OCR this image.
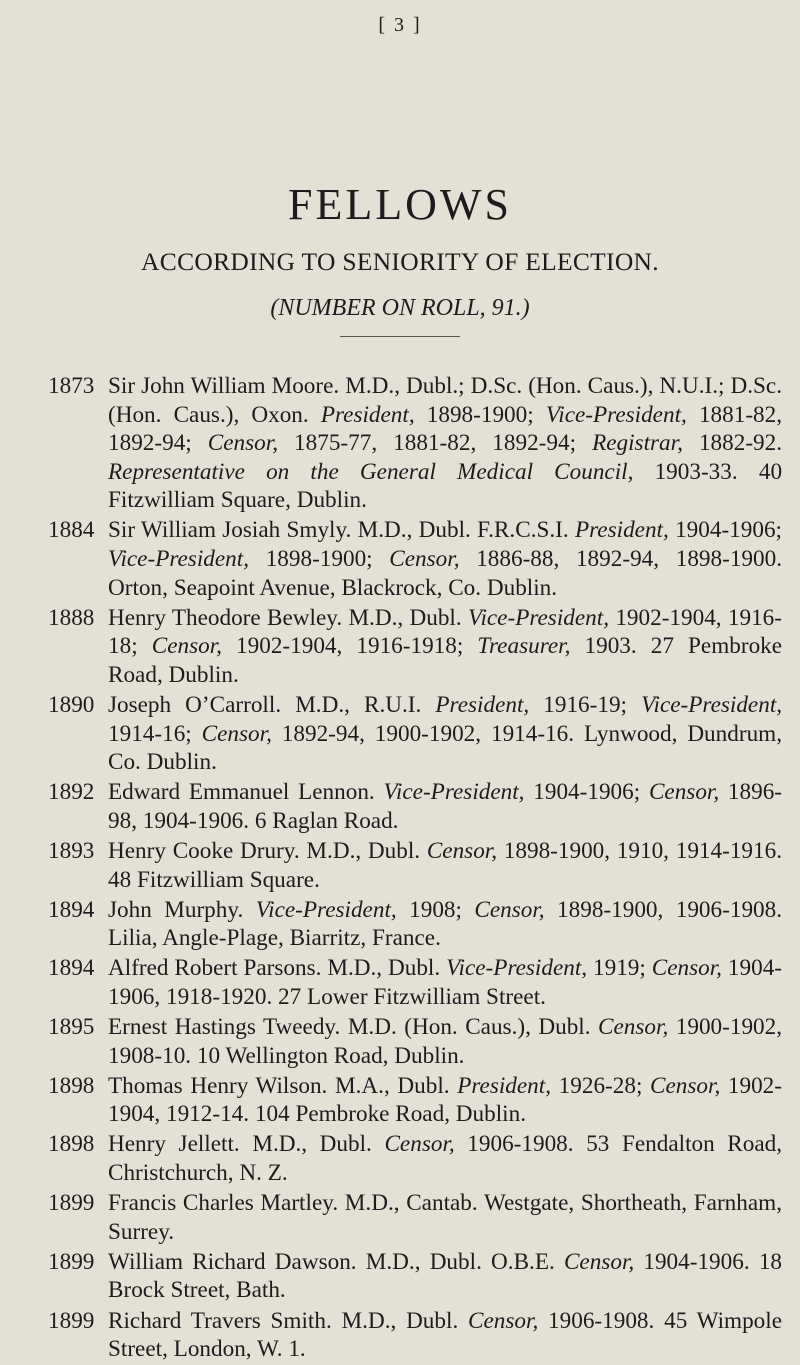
[ 3 ]
FELLOWS
ACCORDING TO SENIORITY OF ELECTION.
(NUMBER ON ROLL, 91.)
1873 Sir John William Moore. M.D., Dubl.; D.Sc. (Hon. Caus.), N.U.I.; D.Sc. (Hon. Caus.), Oxon. President, 1898-1900; Vice-President, 1881-82, 1892-94; Censor, 1875-77, 1881-82, 1892-94; Registrar, 1882-92. Representative on the General Medical Council, 1903-33. 40 Fitzwilliam Square, Dublin.
1884 Sir William Josiah Smyly. M.D., Dubl. F.R.C.S.I. President, 1904-1906; Vice-President, 1898-1900; Censor, 1886-88, 1892-94, 1898-1900. Orton, Seapoint Avenue, Blackrock, Co. Dublin.
1888 Henry Theodore Bewley. M.D., Dubl. Vice-President, 1902-1904, 1916-18; Censor, 1902-1904, 1916-1918; Treasurer, 1903. 27 Pembroke Road, Dublin.
1890 Joseph O’Carroll. M.D., R.U.I. President, 1916-19; Vice-President, 1914-16; Censor, 1892-94, 1900-1902, 1914-16. Lynwood, Dundrum, Co. Dublin.
1892 Edward Emmanuel Lennon. Vice-President, 1904-1906; Censor, 1896-98, 1904-1906. 6 Raglan Road.
1893 Henry Cooke Drury. M.D., Dubl. Censor, 1898-1900, 1910, 1914-1916. 48 Fitzwilliam Square.
1894 John Murphy. Vice-President, 1908; Censor, 1898-1900, 1906-1908. Lilia, Angle-Plage, Biarritz, France.
1894 Alfred Robert Parsons. M.D., Dubl. Vice-President, 1919; Censor, 1904-1906, 1918-1920. 27 Lower Fitzwilliam Street.
1895 Ernest Hastings Tweedy. M.D. (Hon. Caus.), Dubl. Censor, 1900-1902, 1908-10. 10 Wellington Road, Dublin.
1898 Thomas Henry Wilson. M.A., Dubl. President, 1926-28; Censor, 1902-1904, 1912-14. 104 Pembroke Road, Dublin.
1898 Henry Jellett. M.D., Dubl. Censor, 1906-1908. 53 Fendalton Road, Christchurch, N. Z.
1899 Francis Charles Martley. M.D., Cantab. Westgate, Shortheath, Farnham, Surrey.
1899 William Richard Dawson. M.D., Dubl. O.B.E. Censor, 1904-1906. 18 Brock Street, Bath.
1899 Richard Travers Smith. M.D., Dubl. Censor, 1906-1908. 45 Wimpole Street, London, W. 1.
